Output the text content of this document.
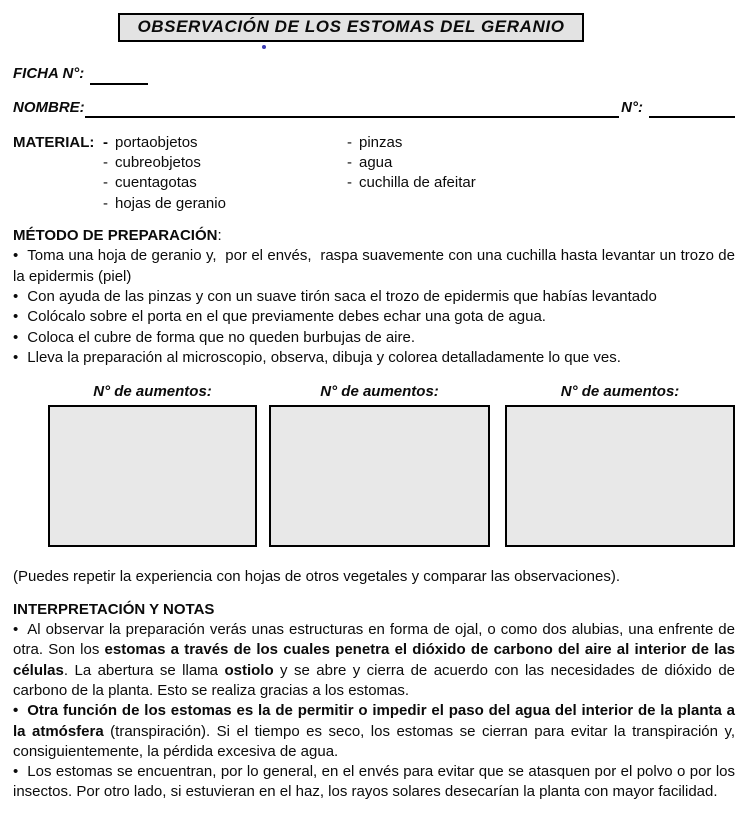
OBSERVACIÓN DE LOS ESTOMAS DEL GERANIO
FICHA N°:
NOMBRE:	N°:
MATERIAL: - portaobjetos	- pinzas
- cubreobjetos	- agua
- cuentagotas	- cuchilla de afeitar
- hojas de geranio

MÉTODO DE PREPARACIÓN:

• Toma una hoja de geranio y,  por el envés,  raspa suavemente con una cuchilla hasta levantar un trozo de la epidermis (piel)

• Con ayuda de las pinzas y con un suave tirón saca el trozo de epidermis que habías levantado

• Colócalo sobre el porta en el que previamente debes echar una gota de agua.

• Coloca el cubre de forma que no queden burbujas de aire.

• Lleva la preparación al microscopio, observa, dibuja y colorea detalladamente lo que ves.

N° de aumentos:	N° de aumentos:	N° de aumentos:

(Puedes repetir la experiencia con hojas de otros vegetales y comparar las observaciones).

INTERPRETACIÓN Y NOTAS

• Al observar la preparación verás unas estructuras en forma de ojal, o como dos alubias, una enfrente de otra. Son los estomas a través de los cuales penetra el dióxido de carbono del aire al interior de las células. La abertura se llama ostiolo y se abre y cierra de acuerdo con las necesidades de dióxido de carbono de la planta. Esto se realiza gracias a los estomas.

• Otra función de los estomas es la de permitir o impedir el paso del agua del interior de la planta a la atmósfera (transpiración). Si el tiempo es seco, los estomas se cierran para evitar la transpiración y, consiguientemente, la pérdida excesiva de agua.

• Los estomas se encuentran, por lo general, en el envés para evitar que se atasquen por el polvo o por los insectos. Por otro lado, si estuvieran en el haz, los rayos solares desecarían la planta con mayor facilidad.
